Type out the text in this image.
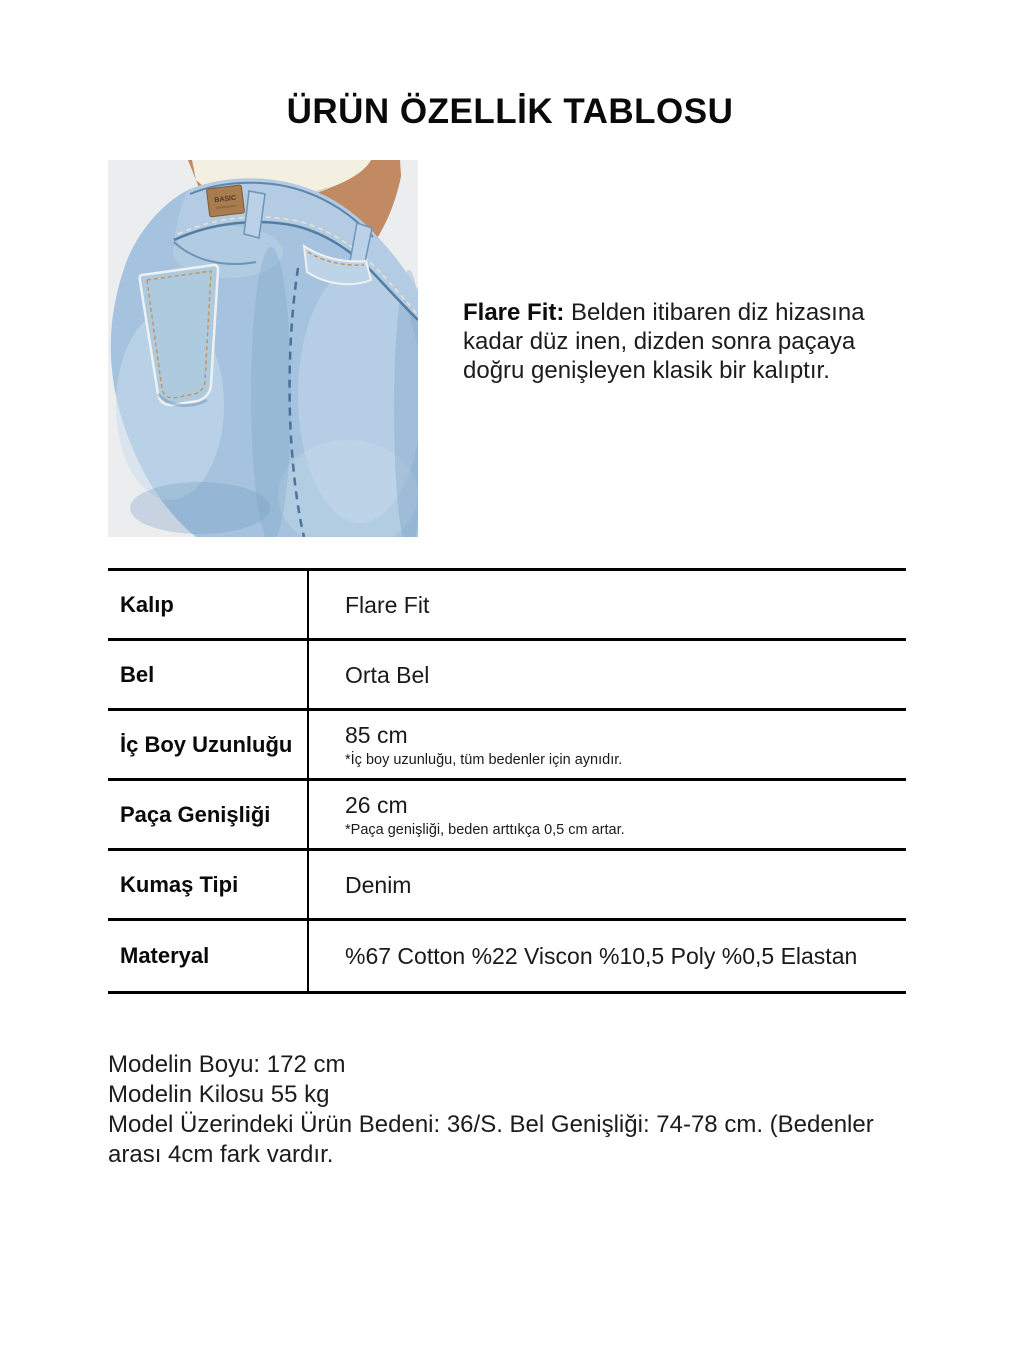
ÜRÜN ÖZELLİK TABLOSU
BASIC

Flare Fit: Belden itibaren diz hizasına
kadar düz inen, dizden sonra paçaya
doğru genişleyen klasik bir kalıptır.

Kalıp	Flare Fit
Bel	Orta Bel
İç Boy Uzunluğu	85 cm
*İç boy uzunluğu, tüm bedenler için aynıdır.
Paça Genişliği	26 cm
*Paça genişliği, beden arttıkça 0,5 cm artar.
Kumaş Tipi	Denim
Materyal	%67 Cotton %22 Viscon %10,5 Poly %0,5 Elastan

Modelin Boyu: 172 cm
Modelin Kilosu 55 kg
Model Üzerindeki Ürün Bedeni: 36/S. Bel Genişliği: 74-78 cm. (Bedenler
arası 4cm fark vardır.
